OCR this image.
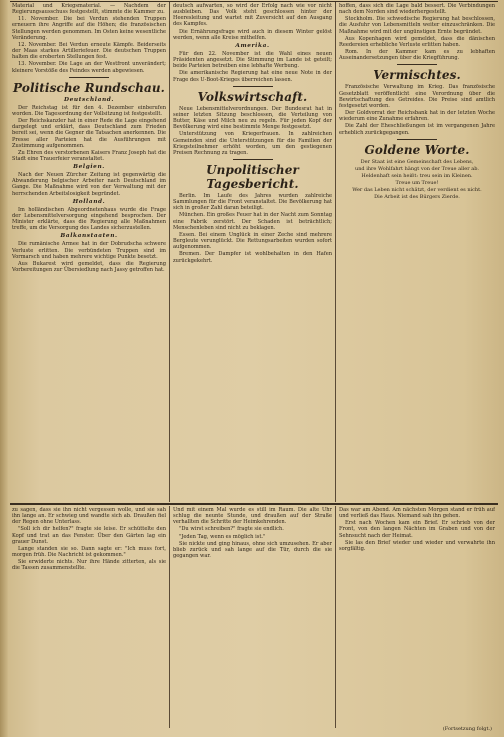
Material und Kriegsmaterial. — Nachdem der Regierungsausschuss festgestellt, stimmte die Kammer zu.

11. November. Die bei Verdun stehenden Truppen erneuern ihre Angriffe auf die Höhen; die französischen Stellungen werden genommen. Im Osten keine wesentliche Veränderung.

12. November. Bei Verdun erneute Kämpfe. Beiderseits der Maas starkes Artilleriefeuer. Die deutschen Truppen halten die eroberten Stellungen fest.

13. November. Die Lage an der Westfront unverändert; kleinere Vorstöße des Feindes werden abgewiesen.

Politische Rundschau.
Deutschland.

Der Reichstag ist für den 4. Dezember einberufen worden. Die Tagesordnung der Vollsitzung ist festgestellt.

Der Reichskanzler hat in einer Rede die Lage eingehend dargelegt und erklärt, dass Deutschland zum Frieden bereit sei, wenn die Gegner die Tatsachen anerkennen. Die Presse aller Parteien hat die Ausführungen mit Zustimmung aufgenommen.

Zu Ehren des verstorbenen Kaisers Franz Joseph hat die Stadt eine Trauerfeier veranstaltet.

Belgien.

Nach der Neuen Zürcher Zeitung ist gegenwärtig die Abwanderung belgischer Arbeiter nach Deutschland im Gange. Die Maßnahme wird von der Verwaltung mit der herrschenden Arbeitslosigkeit begründet.

Holland.

Im holländischen Abgeordnetenhaus wurde die Frage der Lebensmittelversorgung eingehend besprochen. Der Minister erklärte, dass die Regierung alle Maßnahmen treffe, um die Versorgung des Landes sicherzustellen.

Balkanstaaten.

Die rumänische Armee hat in der Dobrudscha schwere Verluste erlitten. Die verbündeten Truppen sind im Vormarsch und haben mehrere wichtige Punkte besetzt.

Aus Bukarest wird gemeldet, dass die Regierung Vorbereitungen zur Übersiedlung nach Jassy getroffen hat.

deutsch aufwarten, so wird der Erfolg nach wie vor nicht ausbleiben. Das Volk steht geschlossen hinter der Heeresleitung und wartet mit Zuversicht auf den Ausgang des Kampfes.

Die Ernährungsfrage wird auch in diesem Winter gelöst werden, wenn alle Kreise mithelfen.

Amerika.

Für den 22. November ist die Wahl eines neuen Präsidenten angesetzt. Die Stimmung im Lande ist geteilt; beide Parteien betreiben eine lebhafte Werbung.

Die amerikanische Regierung hat eine neue Note in der Frage des U-Boot-Krieges überreichen lassen.

Volkswirtschaft.

Neue Lebensmittelverordnungen. Der Bundesrat hat in seiner letzten Sitzung beschlossen, die Verteilung von Butter, Käse und Milch neu zu regeln. Für jeden Kopf der Bevölkerung wird eine bestimmte Menge festgesetzt.

Unterstützung von Kriegerfrauen. In zahlreichen Gemeinden sind die Unterstützungen für die Familien der Kriegsteilnehmer erhöht worden, um den gestiegenen Preisen Rechnung zu tragen.

Unpolitischer Tagesbericht.

Berlin. Im Laufe des Jahres wurden zahlreiche Sammlungen für die Front veranstaltet. Die Bevölkerung hat sich in großer Zahl daran beteiligt.

München. Ein großes Feuer hat in der Nacht zum Sonntag eine Fabrik zerstört. Der Schaden ist beträchtlich; Menschenleben sind nicht zu beklagen.

Essen. Bei einem Unglück in einer Zeche sind mehrere Bergleute verunglückt. Die Rettungsarbeiten wurden sofort aufgenommen.

Bremen. Der Dampfer ist wohlbehalten in den Hafen zurückgekehrt.

hoffen, dass sich die Lage bald bessert. Die Verbindungen nach dem Norden sind wiederhergestellt.

Stockholm. Die schwedische Regierung hat beschlossen, die Ausfuhr von Lebensmitteln weiter einzuschränken. Die Maßnahme wird mit der ungünstigen Ernte begründet.

Aus Kopenhagen wird gemeldet, dass die dänischen Reedereien erhebliche Verluste erlitten haben.

Rom. In der Kammer kam es zu lebhaften Auseinandersetzungen über die Kriegführung.

Vermischtes.

Französische Verwaltung im Krieg. Das französische Gesetzblatt veröffentlicht eine Verordnung über die Bewirtschaftung des Getreides. Die Preise sind amtlich festgesetzt worden.

Der Goldvorrat der Reichsbank hat in der letzten Woche wiederum eine Zunahme erfahren.

Die Zahl der Eheschließungen ist im vergangenen Jahre erheblich zurückgegangen.

Goldene Worte.

Der Staat ist eine Gemeinschaft des Lebens,

und ihre Wohlfahrt hängt von der Treue aller ab.

Heldenhaft sein heißt: treu sein im Kleinen.

Treue um Treue!

Wer das Leben nicht schätzt, der verdient es nicht.

Die Arbeit ist des Bürgers Zierde.

zu sagen, dass sie ihn nicht vergessen wolle, und sie sah ihn lange an. Er schwieg und wandte sich ab. Draußen fiel der Regen ohne Unterlass.

"Soll ich dir helfen?" fragte sie leise. Er schüttelte den Kopf und trat an das Fenster. Über den Gärten lag ein grauer Dunst.

Lange standen sie so. Dann sagte er: "Ich muss fort, morgen früh. Die Nachricht ist gekommen."

Sie erwiderte nichts. Nur ihre Hände zitterten, als sie die Tassen zusammenstellte.

Und mit einem Mal wurde es still im Raum. Die alte Uhr schlug die neunte Stunde, und draußen auf der Straße verhallten die Schritte der Heimkehrenden.

"Du wirst schreiben?" fragte sie endlich.

"Jeden Tag, wenn es möglich ist."

Sie nickte und ging hinaus, ohne sich umzusehen. Er aber blieb zurück und sah lange auf die Tür, durch die sie gegangen war.

Das war am Abend. Am nächsten Morgen stand er früh auf und verließ das Haus. Niemand sah ihn gehen.

Erst nach Wochen kam ein Brief. Er schrieb von der Front, von den langen Nächten im Graben und von der Sehnsucht nach der Heimat.

Sie las den Brief wieder und wieder und verwahrte ihn sorgfältig.

(Fortsetzung folgt.)
